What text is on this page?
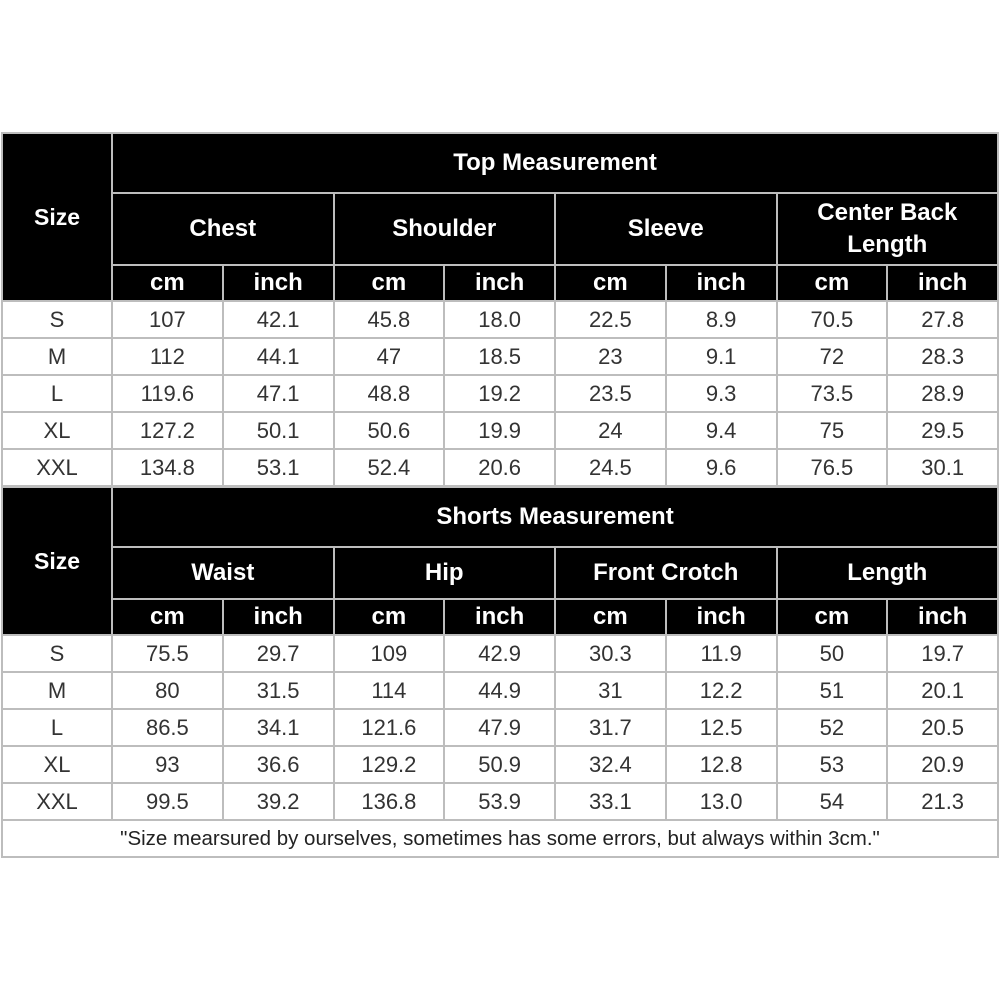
Size	Top Measurement							
	Chest		Shoulder		Sleeve		Center Back Length	
	cm	inch	cm	inch	cm	inch	cm	inch
S	107	42.1	45.8	18.0	22.5	8.9	70.5	27.8
M	112	44.1	47	18.5	23	9.1	72	28.3
L	119.6	47.1	48.8	19.2	23.5	9.3	73.5	28.9
XL	127.2	50.1	50.6	19.9	24	9.4	75	29.5
XXL	134.8	53.1	52.4	20.6	24.5	9.6	76.5	30.1
Size	Shorts Measurement							
	Waist		Hip		Front Crotch		Length	
	cm	inch	cm	inch	cm	inch	cm	inch
S	75.5	29.7	109	42.9	30.3	11.9	50	19.7
M	80	31.5	114	44.9	31	12.2	51	20.1
L	86.5	34.1	121.6	47.9	31.7	12.5	52	20.5
XL	93	36.6	129.2	50.9	32.4	12.8	53	20.9
XXL	99.5	39.2	136.8	53.9	33.1	13.0	54	21.3
"Size mearsured by ourselves, sometimes has some errors, but always within 3cm."								
